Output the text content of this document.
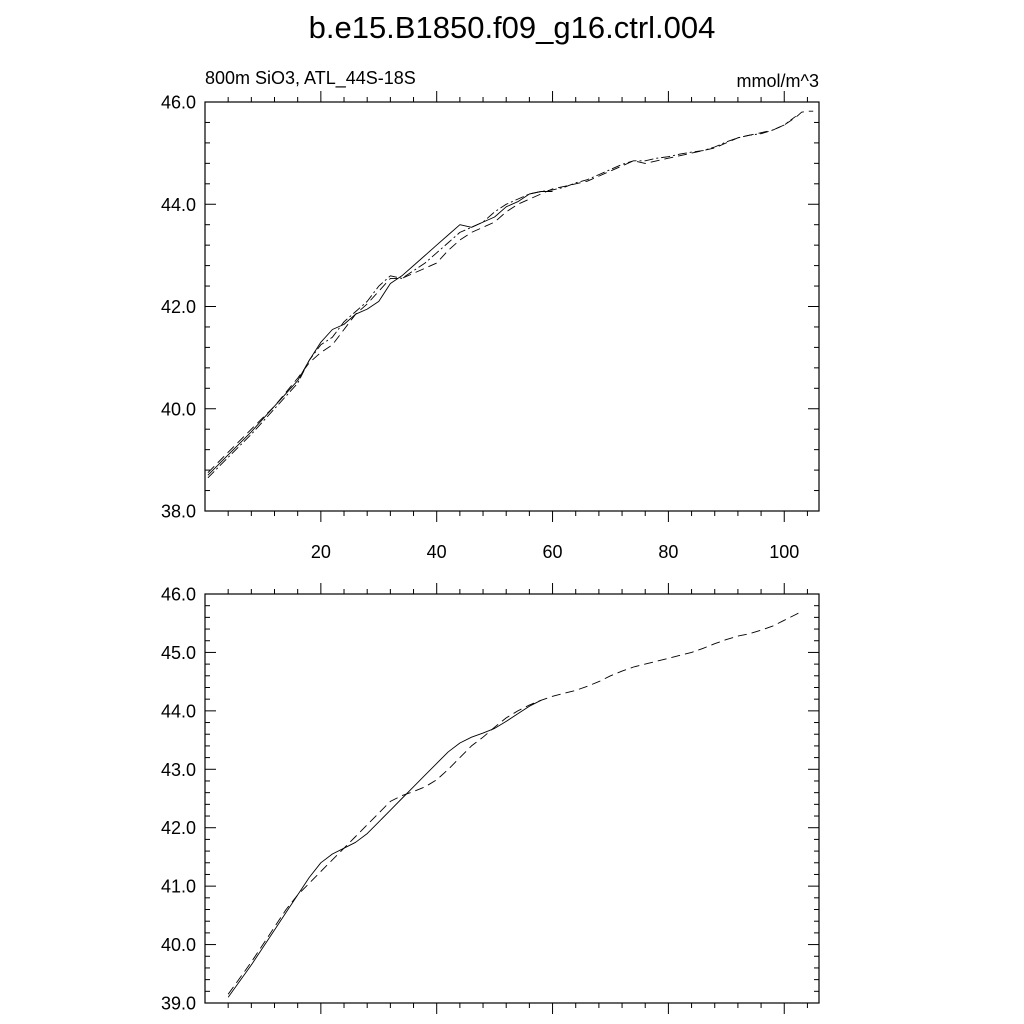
b.e15.B1850.f09_g16.ctrl.004
800m SiO3, ATL_44S-18S	mmol/m^3
38.0
40.0
42.0
44.0
46.0
20	40	60	80	100
39.0
40.0
41.0
42.0
43.0
44.0
45.0
46.0
